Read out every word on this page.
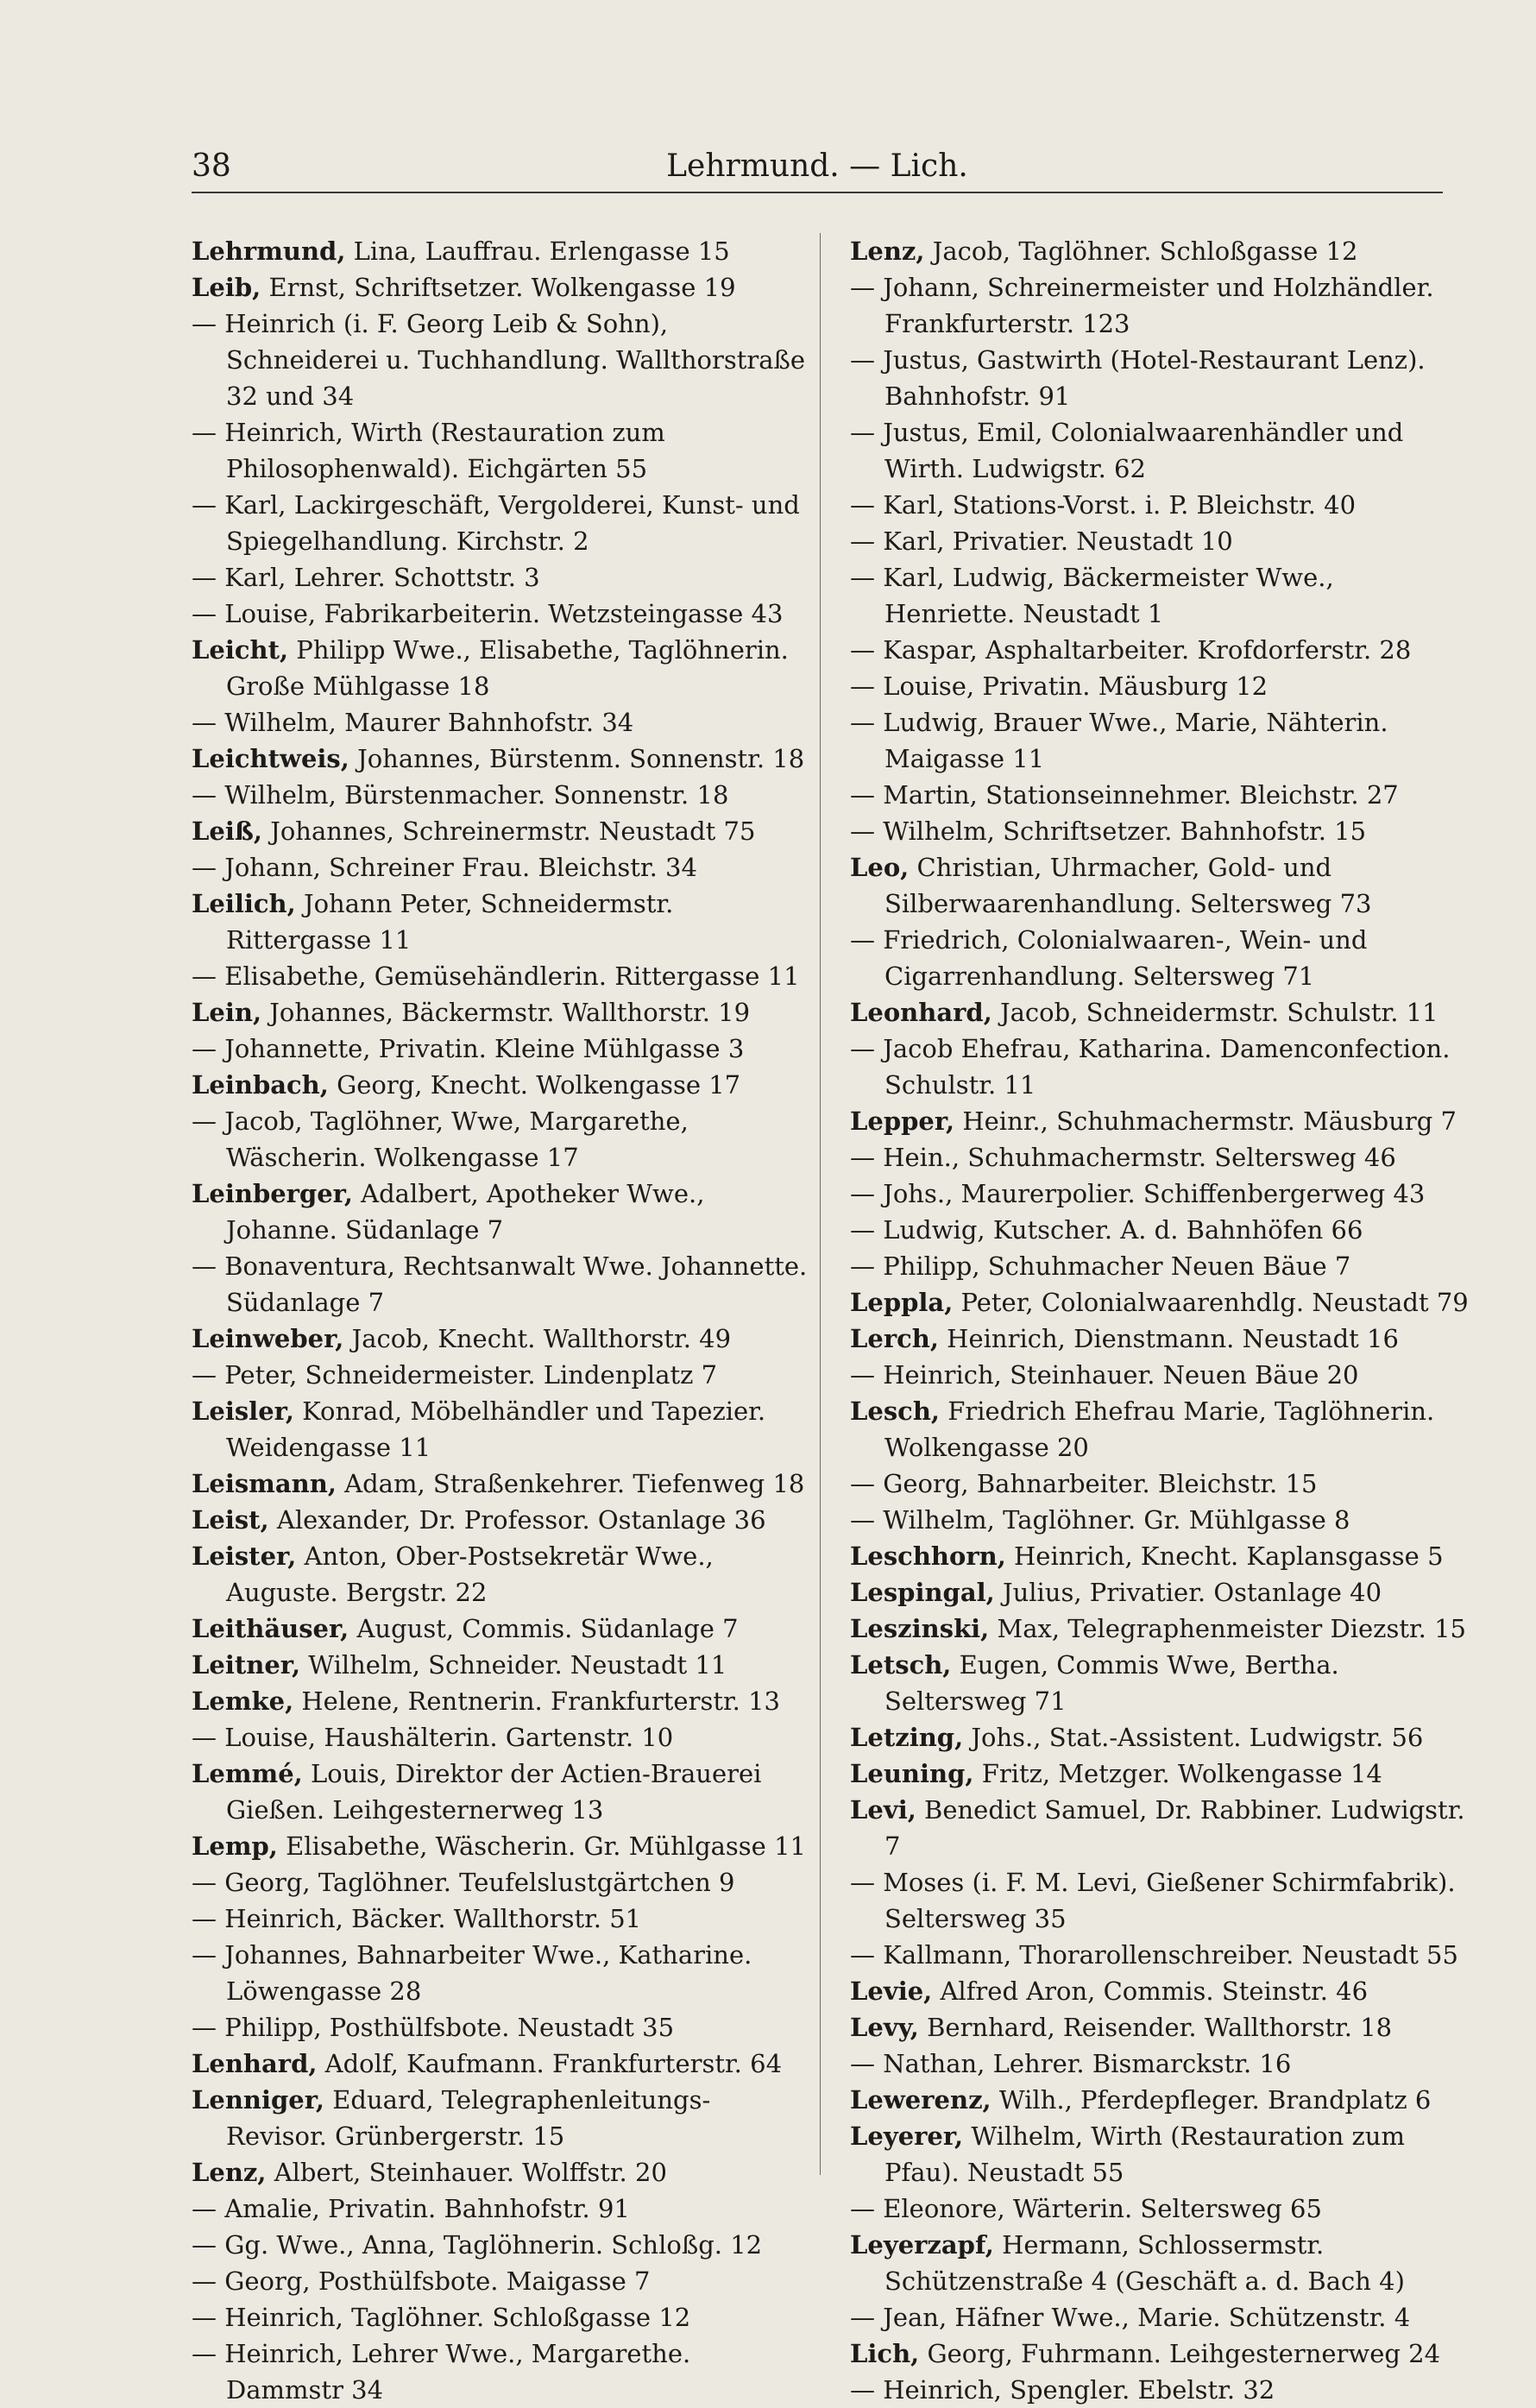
38	Lehrmund. — Lich.
Lehrmund, Lina, Lauffrau. Erlengasse 15
Leib, Ernst, Schriftsetzer. Wolkengasse 19
— Heinrich (i. F. Georg Leib & Sohn), Schneiderei u. Tuchhandlung. Wallthorstraße 32 und 34
— Heinrich, Wirth (Restauration zum Philosophenwald). Eichgärten 55
— Karl, Lackirgeschäft, Vergolderei, Kunst- und Spiegelhandlung. Kirchstr. 2
— Karl, Lehrer. Schottstr. 3
— Louise, Fabrikarbeiterin. Wetzsteingasse 43
Leicht, Philipp Wwe., Elisabethe, Taglöhnerin. Große Mühlgasse 18
— Wilhelm, Maurer Bahnhofstr. 34
Leichtweis, Johannes, Bürstenm. Sonnenstr. 18
— Wilhelm, Bürstenmacher. Sonnenstr. 18
Leiß, Johannes, Schreinermstr. Neustadt 75
— Johann, Schreiner Frau. Bleichstr. 34
Leilich, Johann Peter, Schneidermstr. Rittergasse 11
— Elisabethe, Gemüsehändlerin. Rittergasse 11
Lein, Johannes, Bäckermstr. Wallthorstr. 19
— Johannette, Privatin. Kleine Mühlgasse 3
Leinbach, Georg, Knecht. Wolkengasse 17
— Jacob, Taglöhner, Wwe, Margarethe, Wäscherin. Wolkengasse 17
Leinberger, Adalbert, Apotheker Wwe., Johanne. Südanlage 7
— Bonaventura, Rechtsanwalt Wwe. Johannette. Südanlage 7
Leinweber, Jacob, Knecht. Wallthorstr. 49
— Peter, Schneidermeister. Lindenplatz 7
Leisler, Konrad, Möbelhändler und Tapezier. Weidengasse 11
Leismann, Adam, Straßenkehrer. Tiefenweg 18
Leist, Alexander, Dr. Professor. Ostanlage 36
Leister, Anton, Ober-Postsekretär Wwe., Auguste. Bergstr. 22
Leithäuser, August, Commis. Südanlage 7
Leitner, Wilhelm, Schneider. Neustadt 11
Lemke, Helene, Rentnerin. Frankfurterstr. 13
— Louise, Haushälterin. Gartenstr. 10
Lemmé, Louis, Direktor der Actien-Brauerei Gießen. Leihgesternerweg 13
Lemp, Elisabethe, Wäscherin. Gr. Mühlgasse 11
— Georg, Taglöhner. Teufelslustgärtchen 9
— Heinrich, Bäcker. Wallthorstr. 51
— Johannes, Bahnarbeiter Wwe., Katharine. Löwengasse 28
— Philipp, Posthülfsbote. Neustadt 35
Lenhard, Adolf, Kaufmann. Frankfurterstr. 64
Lenniger, Eduard, Telegraphenleitungs-Revisor. Grünbergerstr. 15
Lenz, Albert, Steinhauer. Wolffstr. 20
— Amalie, Privatin. Bahnhofstr. 91
— Gg. Wwe., Anna, Taglöhnerin. Schloßg. 12
— Georg, Posthülfsbote. Maigasse 7
— Heinrich, Taglöhner. Schloßgasse 12
— Heinrich, Lehrer Wwe., Margarethe. Dammstr 34
Lenz, Jacob, Taglöhner. Schloßgasse 12
— Johann, Schreinermeister und Holzhändler. Frankfurterstr. 123
— Justus, Gastwirth (Hotel-Restaurant Lenz). Bahnhofstr. 91
— Justus, Emil, Colonialwaarenhändler und Wirth. Ludwigstr. 62
— Karl, Stations-Vorst. i. P. Bleichstr. 40
— Karl, Privatier. Neustadt 10
— Karl, Ludwig, Bäckermeister Wwe., Henriette. Neustadt 1
— Kaspar, Asphaltarbeiter. Krofdorferstr. 28
— Louise, Privatin. Mäusburg 12
— Ludwig, Brauer Wwe., Marie, Nähterin. Maigasse 11
— Martin, Stationseinnehmer. Bleichstr. 27
— Wilhelm, Schriftsetzer. Bahnhofstr. 15
Leo, Christian, Uhrmacher, Gold- und Silberwaarenhandlung. Seltersweg 73
— Friedrich, Colonialwaaren-, Wein- und Cigarrenhandlung. Seltersweg 71
Leonhard, Jacob, Schneidermstr. Schulstr. 11
— Jacob Ehefrau, Katharina. Damenconfection. Schulstr. 11
Lepper, Heinr., Schuhmachermstr. Mäusburg 7
— Hein., Schuhmachermstr. Seltersweg 46
— Johs., Maurerpolier. Schiffenbergerweg 43
— Ludwig, Kutscher. A. d. Bahnhöfen 66
— Philipp, Schuhmacher Neuen Bäue 7
Leppla, Peter, Colonialwaarenhdlg. Neustadt 79
Lerch, Heinrich, Dienstmann. Neustadt 16
— Heinrich, Steinhauer. Neuen Bäue 20
Lesch, Friedrich Ehefrau Marie, Taglöhnerin. Wolkengasse 20
— Georg, Bahnarbeiter. Bleichstr. 15
— Wilhelm, Taglöhner. Gr. Mühlgasse 8
Leschhorn, Heinrich, Knecht. Kaplansgasse 5
Lespingal, Julius, Privatier. Ostanlage 40
Leszinski, Max, Telegraphenmeister Diezstr. 15
Letsch, Eugen, Commis Wwe, Bertha. Seltersweg 71
Letzing, Johs., Stat.-Assistent. Ludwigstr. 56
Leuning, Fritz, Metzger. Wolkengasse 14
Levi, Benedict Samuel, Dr. Rabbiner. Ludwigstr. 7
— Moses (i. F. M. Levi, Gießener Schirmfabrik). Seltersweg 35
— Kallmann, Thorarollenschreiber. Neustadt 55
Levie, Alfred Aron, Commis. Steinstr. 46
Levy, Bernhard, Reisender. Wallthorstr. 18
— Nathan, Lehrer. Bismarckstr. 16
Lewerenz, Wilh., Pferdepfleger. Brandplatz 6
Leyerer, Wilhelm, Wirth (Restauration zum Pfau). Neustadt 55
— Eleonore, Wärterin. Seltersweg 65
Leyerzapf, Hermann, Schlossermstr. Schützenstraße 4 (Geschäft a. d. Bach 4)
— Jean, Häfner Wwe., Marie. Schützenstr. 4
Lich, Georg, Fuhrmann. Leihgesternerweg 24
— Heinrich, Spengler. Ebelstr. 32
